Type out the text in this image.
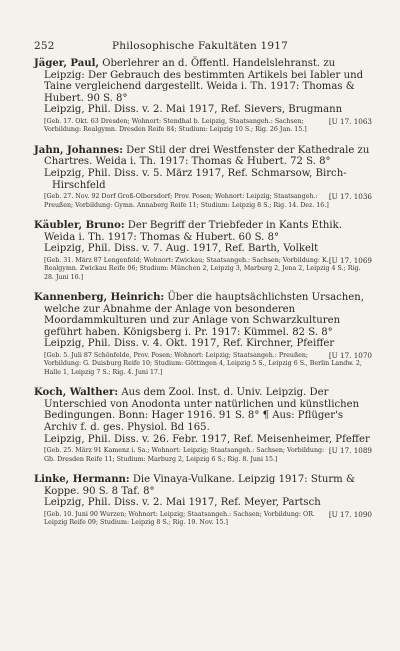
252	Philosophische Fakultäten 1917
Jäger, Paul, Oberlehrer an d. Öffentl. Handelslehranst. zu Leipzig: Der Gebrauch des bestimmten Artikels bei Iabler und Taine vergleichend dargestellt. Weida i. Th. 1917: Thomas & Hubert. 90 S. 8°
Leipzig, Phil. Diss. v. 2. Mai 1917, Ref. Sievers, Brugmann
[U 17. 1063
[Geb. 17. Okt. 63 Dresden; Wohnort: Stendhal b. Leipzig, Staatsangeh.: Sachsen; Vorbildung: Realgymn. Dresden Reife 84; Studium: Leipzig 10 S.; Rig. 26 Jan. 15.]
Jahn, Johannes: Der Stil der drei Westfenster der Kathedrale zu Chartres. Weida i. Th. 1917: Thomas & Hubert. 72 S. 8°
Leipzig, Phil. Diss. v. 5. März 1917, Ref. Schmarsow, Birch-Hirschfeld
[U 17. 1036
[Geb. 27. Nov. 92 Dorf Groß-Olbersdorf; Prov. Posen; Wohnort: Leipzig; Staatsangeh.: Preußen; Vorbildung: Gymn. Annaberg Reife 11; Studium: Leipzig 8 S.; Rig. 14. Dez. 16.]
Käubler, Bruno: Der Begriff der Triebfeder in Kants Ethik. Weida i. Th. 1917: Thomas & Hubert. 60 S. 8°
Leipzig, Phil. Diss. v. 7. Aug. 1917, Ref. Barth, Volkelt
[U 17. 1069
[Geb. 31. März 87 Lengenfeld; Wohnort: Zwickau; Staatsangeh.: Sachsen; Vorbildung: K. Realgymn. Zwickau Reife 06; Studium: München 2, Leipzig 3, Marburg 2, Jena 2, Leipzig 4 S.; Rig. 28. Juni 16.]
Kannenberg, Heinrich: Über die hauptsächlichsten Ursachen, welche zur Abnahme der Anlage von besonderen Moordammkulturen und zur Anlage von Schwarzkulturen geführt haben. Königsberg i. Pr. 1917: Kümmel. 82 S. 8°
Leipzig, Phil. Diss. v. 4. Okt. 1917, Ref. Kirchner, Pfeiffer
[U 17. 1070
[Geb. 5. Juli 87 Schönfelde, Prov. Posen; Wohnort: Leipzig; Staatsangeh.: Preußen; Vorbildung: G. Duisburg Reife 10; Studium: Göttingen 4, Leipzig 5 S., Leipzig 6 S., Berlin Landw. 2, Halle 1, Leipzig 7 S.; Rig. 4. Juni 17.]
Koch, Walther: Aus dem Zool. Inst. d. Univ. Leipzig. Der Unterschied von Anodonta unter natürlichen und künstlichen Bedingungen. Bonn: Hager 1916. 91 S. 8° ¶ Aus: Pflüger's Archiv f. d. ges. Physiol. Bd 165.
Leipzig, Phil. Diss. v. 26. Febr. 1917, Ref. Meisenheimer, Pfeffer
[U 17. 1089
[Geb. 25. März 91 Kamenz i. Sa.; Wohnort: Leipzig; Staatsangeh.: Sachsen; Vorbildung: Gb. Dresden Reife 11; Studium: Marburg 2, Leipzig 6 S.; Rig. 8. Juni 15.]
Linke, Hermann: Die Vinaya-Vulkane. Leipzig 1917: Sturm & Koppe. 90 S. 8 Taf. 8°
Leipzig, Phil. Diss. v. 2. Mai 1917, Ref. Meyer, Partsch
[U 17. 1090
[Geb. 10. Juni 90 Wurzen; Wohnort: Leipzig; Staatsangeh.: Sachsen; Vorbildung: OR. Leipzig Reife 09; Studium: Leipzig 8 S.; Rig. 19. Nov. 15.]
